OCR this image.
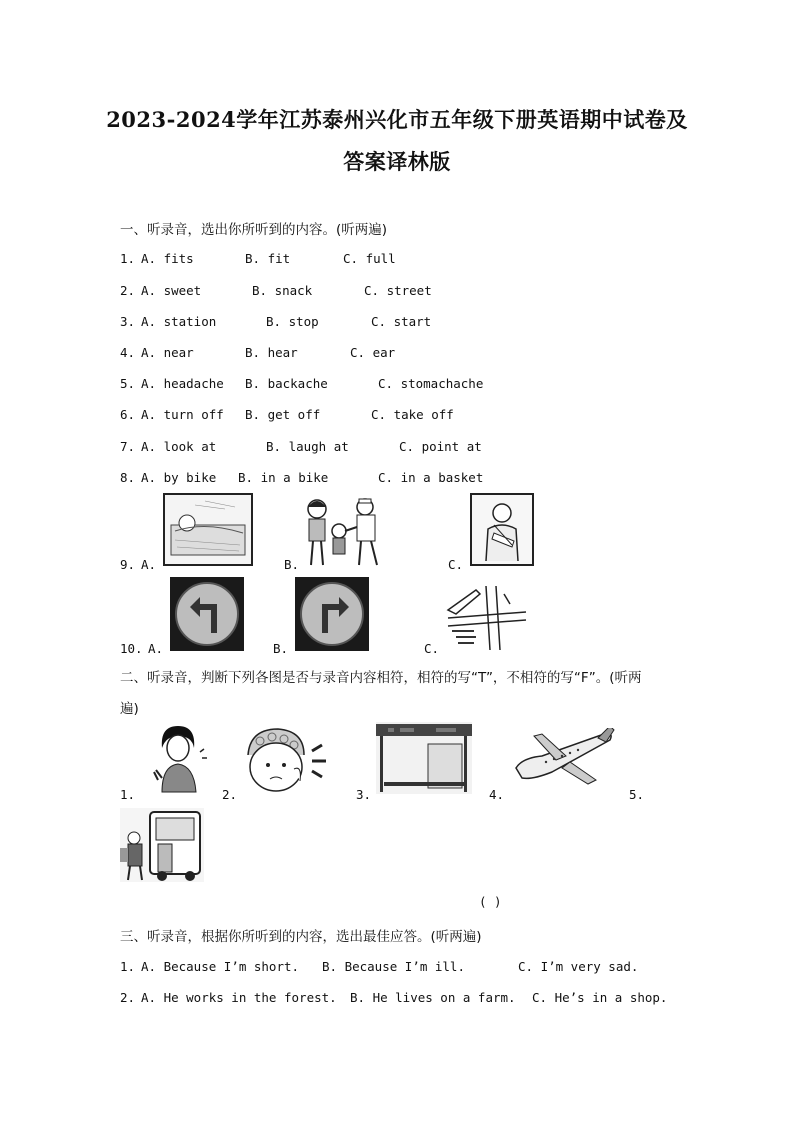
2023-2024学年江苏泰州兴化市五年级下册英语期中试卷及
答案译林版
一、听录音，选出你所听到的内容。(听两遍)
1. A. fits	B. fit	C. full
2. A. sweet	B. snack	C. street
3. A. station	B. stop	C. start
4. A. near	B. hear	C. ear
5. A. headache B. backache	C. stomachache
6. A. turn off B. get off	C. take off
7. A. look at	B. laugh at	C. point at
8. A. by bike B. in a bike	C. in a basket
9. A.	B.	C.
10. A.	B.	C.
二、听录音，判断下列各图是否与录音内容相符，相符的写“T”，不相符的写“F”。(听两
遍)
1.	2.	3.	4.	5.
( )
三、听录音，根据你所听到的内容，选出最佳应答。(听两遍)
1. A. Because I’m short. B. Because I’m ill.	C. I’m very sad.
2. A. He works in the forest. B. He lives on a farm. C. He’s in a shop.
